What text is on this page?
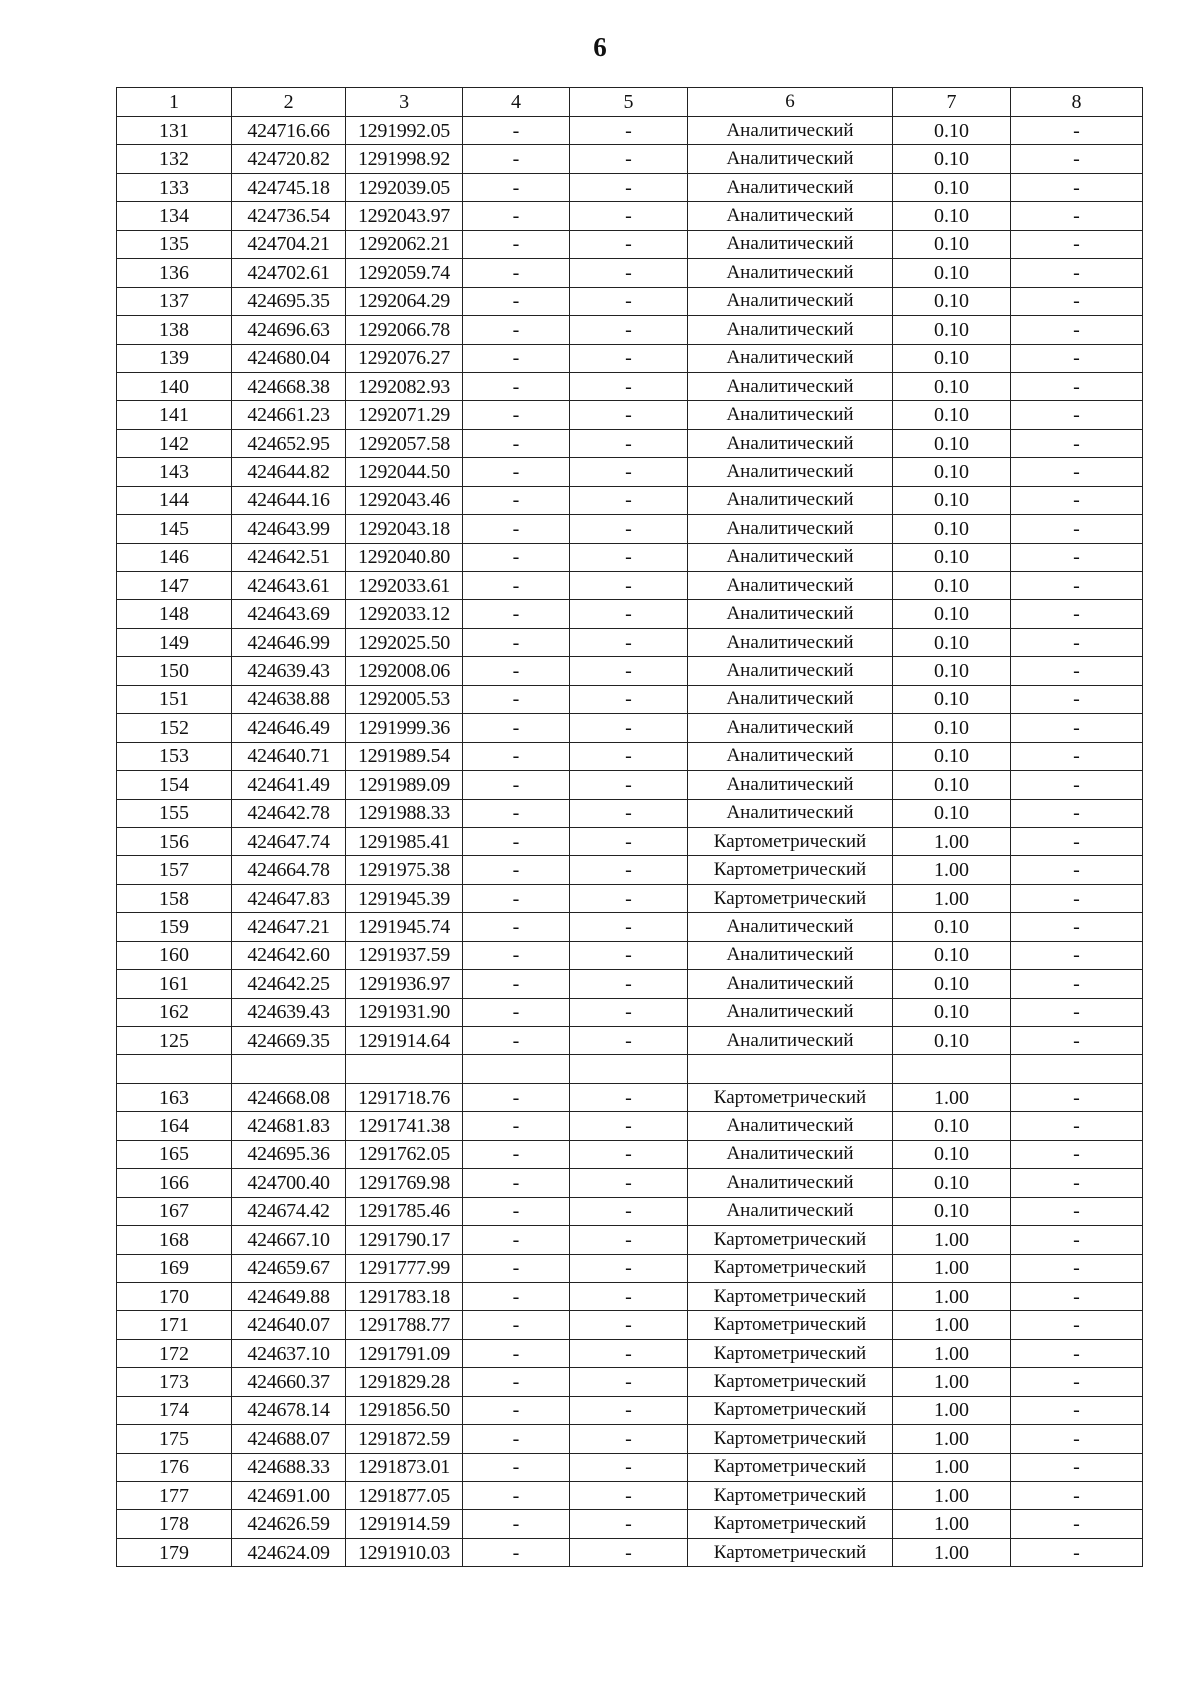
6
1	2	3	4	5	6	7	8
131	424716.66	1291992.05	-	-	Аналитический	0.10	-
132	424720.82	1291998.92	-	-	Аналитический	0.10	-
133	424745.18	1292039.05	-	-	Аналитический	0.10	-
134	424736.54	1292043.97	-	-	Аналитический	0.10	-
135	424704.21	1292062.21	-	-	Аналитический	0.10	-
136	424702.61	1292059.74	-	-	Аналитический	0.10	-
137	424695.35	1292064.29	-	-	Аналитический	0.10	-
138	424696.63	1292066.78	-	-	Аналитический	0.10	-
139	424680.04	1292076.27	-	-	Аналитический	0.10	-
140	424668.38	1292082.93	-	-	Аналитический	0.10	-
141	424661.23	1292071.29	-	-	Аналитический	0.10	-
142	424652.95	1292057.58	-	-	Аналитический	0.10	-
143	424644.82	1292044.50	-	-	Аналитический	0.10	-
144	424644.16	1292043.46	-	-	Аналитический	0.10	-
145	424643.99	1292043.18	-	-	Аналитический	0.10	-
146	424642.51	1292040.80	-	-	Аналитический	0.10	-
147	424643.61	1292033.61	-	-	Аналитический	0.10	-
148	424643.69	1292033.12	-	-	Аналитический	0.10	-
149	424646.99	1292025.50	-	-	Аналитический	0.10	-
150	424639.43	1292008.06	-	-	Аналитический	0.10	-
151	424638.88	1292005.53	-	-	Аналитический	0.10	-
152	424646.49	1291999.36	-	-	Аналитический	0.10	-
153	424640.71	1291989.54	-	-	Аналитический	0.10	-
154	424641.49	1291989.09	-	-	Аналитический	0.10	-
155	424642.78	1291988.33	-	-	Аналитический	0.10	-
156	424647.74	1291985.41	-	-	Картометрический	1.00	-
157	424664.78	1291975.38	-	-	Картометрический	1.00	-
158	424647.83	1291945.39	-	-	Картометрический	1.00	-
159	424647.21	1291945.74	-	-	Аналитический	0.10	-
160	424642.60	1291937.59	-	-	Аналитический	0.10	-
161	424642.25	1291936.97	-	-	Аналитический	0.10	-
162	424639.43	1291931.90	-	-	Аналитический	0.10	-
125	424669.35	1291914.64	-	-	Аналитический	0.10	-

163	424668.08	1291718.76	-	-	Картометрический	1.00	-
164	424681.83	1291741.38	-	-	Аналитический	0.10	-
165	424695.36	1291762.05	-	-	Аналитический	0.10	-
166	424700.40	1291769.98	-	-	Аналитический	0.10	-
167	424674.42	1291785.46	-	-	Аналитический	0.10	-
168	424667.10	1291790.17	-	-	Картометрический	1.00	-
169	424659.67	1291777.99	-	-	Картометрический	1.00	-
170	424649.88	1291783.18	-	-	Картометрический	1.00	-
171	424640.07	1291788.77	-	-	Картометрический	1.00	-
172	424637.10	1291791.09	-	-	Картометрический	1.00	-
173	424660.37	1291829.28	-	-	Картометрический	1.00	-
174	424678.14	1291856.50	-	-	Картометрический	1.00	-
175	424688.07	1291872.59	-	-	Картометрический	1.00	-
176	424688.33	1291873.01	-	-	Картометрический	1.00	-
177	424691.00	1291877.05	-	-	Картометрический	1.00	-
178	424626.59	1291914.59	-	-	Картометрический	1.00	-
179	424624.09	1291910.03	-	-	Картометрический	1.00	-
